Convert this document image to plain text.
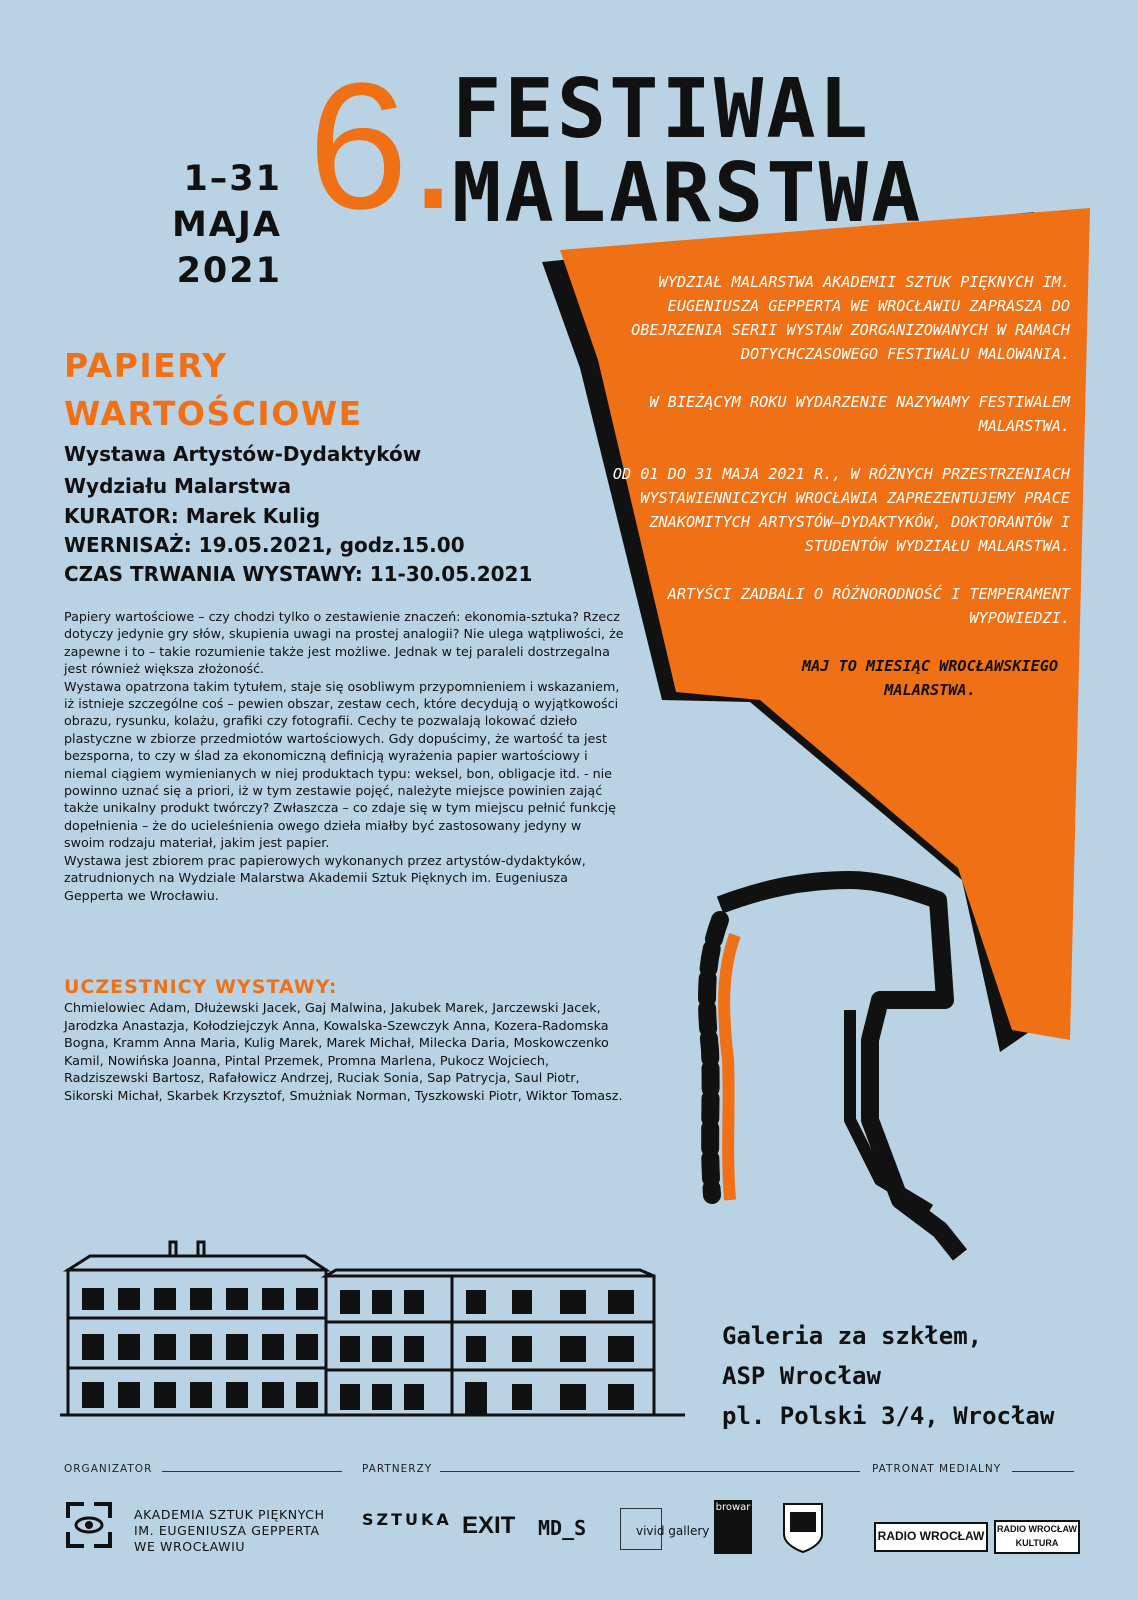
1–31 MAJA
2021
6.
FESTIWAL
MALARSTWA

WYDZIAŁ MALARSTWA AKADEMII SZTUK PIĘKNYCH IM. EUGENIUSZA GEPPERTA WE WROCŁAWIU ZAPRASZA DO OBEJRZENIA SERII WYSTAW ZORGANIZOWANYCH W RAMACH DOTYCHCZASOWEGO FESTIWALU MALOWANIA.

W BIEŻĄCYM ROKU WYDARZENIE NAZYWAMY FESTIWALEM MALARSTWA.

OD 01 DO 31 MAJA 2021 R., W RÓŻNYCH PRZESTRZENIACH WYSTAWIENNICZYCH WROCŁAWIA ZAPREZENTUJEMY PRACE ZNAKOMITYCH ARTYSTÓW–DYDAKTYKÓW, DOKTORANTÓW I STUDENTÓW WYDZIAŁU MALARSTWA.

ARTYŚCI ZADBALI O RÓŻNORODNOŚĆ I TEMPERAMENT WYPOWIEDZI.

MAJ TO MIESIĄC WROCŁAWSKIEGO MALARSTWA.

PAPIERY
WARTOŚCIOWE
Wystawa Artystów-Dydaktyków
Wydziału Malarstwa
KURATOR: Marek Kulig
WERNISAŻ: 19.05.2021, godz.15.00
CZAS TRWANIA WYSTAWY: 11-30.05.2021

Papiery wartościowe – czy chodzi tylko o zestawienie znaczeń: ekonomia-sztuka? Rzecz dotyczy jedynie gry słów, skupienia uwagi na prostej analogii? Nie ulega wątpliwości, że zapewne i to – takie rozumienie także jest możliwe. Jednak w tej paraleli dostrzegalna jest również większa złożoność.

Wystawa opatrzona takim tytułem, staje się osobliwym przypomnieniem i wskazaniem, iż istnieje szczególne coś – pewien obszar, zestaw cech, które decydują o wyjątkowości obrazu, rysunku, kolażu, grafiki czy fotografii. Cechy te pozwalają lokować dzieło plastyczne w zbiorze przedmiotów wartościowych. Gdy dopuścimy, że wartość ta jest bezsporna, to czy w ślad za ekonomiczną definicją wyrażenia papier wartościowy i niemal ciągiem wymienianych w niej produktach typu: weksel, bon, obligacje itd. - nie powinno uznać się a priori, iż w tym zestawie pojęć, należyte miejsce powinien zająć także unikalny produkt twórczy? Zwłaszcza – co zdaje się w tym miejscu pełnić funkcję dopełnienia – że do ucieleśnienia owego dzieła miałby być zastosowany jedyny w swoim rodzaju materiał, jakim jest papier.

Wystawa jest zbiorem prac papierowych wykonanych przez artystów-dydaktyków, zatrudnionych na Wydziale Malarstwa Akademii Sztuk Pięknych im. Eugeniusza Gepperta we Wrocławiu.

UCZESTNICY WYSTAWY:
Chmielowiec Adam, Dłużewski Jacek, Gaj Malwina, Jakubek Marek, Jarczewski Jacek, Jarodzka Anastazja, Kołodziejczyk Anna, Kowalska-Szewczyk Anna, Kozera-Radomska Bogna, Kramm Anna Maria, Kulig Marek, Marek Michał, Milecka Daria, Moskowczenko Kamil, Nowińska Joanna, Pintal Przemek, Promna Marlena, Pukocz Wojciech, Radziszewski Bartosz, Rafałowicz Andrzej, Ruciak Sonia, Sap Patrycja, Saul Piotr, Sikorski Michał, Skarbek Krzysztof, Smużniak Norman, Tyszkowski Piotr, Wiktor Tomasz.
Galeria za szkłem,
ASP Wrocław
pl. Polski 3/4, Wrocław
ORGANIZATOR	PARTNERZY	PATRONAT MEDIALNY
AKADEMIA SZTUK PIĘKNYCH
IM. EUGENIUSZA GEPPERTA
WE WROCŁAWIU
SZTUKA EXIT MD_S	vivid gallery
browar
RADIO WROCŁAW	RADIO WROCŁAW KULTURA
